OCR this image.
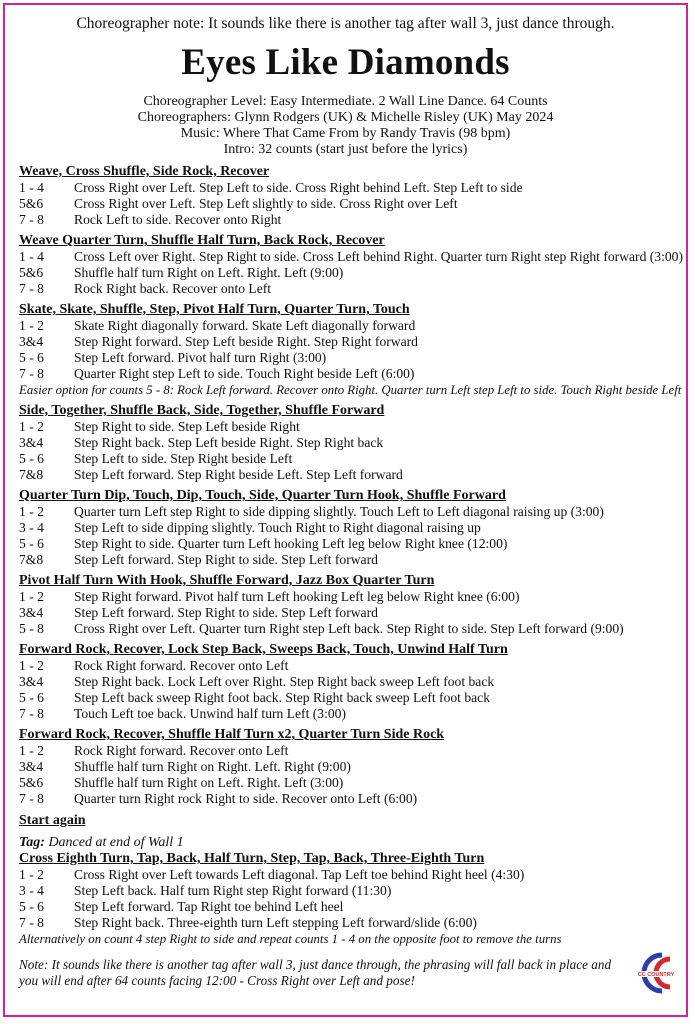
Choreographer note: It sounds like there is another tag after wall 3, just dance through.
Eyes Like Diamonds
Choreographer Level: Easy Intermediate. 2 Wall Line Dance. 64 Counts
Choreographers: Glynn Rodgers (UK) & Michelle Risley (UK) May 2024
Music: Where That Came From by Randy Travis (98 bpm)
Intro: 32 counts (start just before the lyrics)
Weave, Cross Shuffle, Side Rock, Recover
1 - 4	Cross Right over Left. Step Left to side. Cross Right behind Left. Step Left to side
5&6	Cross Right over Left. Step Left slightly to side. Cross Right over Left
7 - 8	Rock Left to side. Recover onto Right
Weave Quarter Turn, Shuffle Half Turn, Back Rock, Recover
1 - 4	Cross Left over Right. Step Right to side. Cross Left behind Right. Quarter turn Right step Right forward (3:00)
5&6	Shuffle half turn Right on Left. Right. Left (9:00)
7 - 8	Rock Right back. Recover onto Left
Skate, Skate, Shuffle, Step, Pivot Half Turn, Quarter Turn, Touch
1 - 2	Skate Right diagonally forward. Skate Left diagonally forward
3&4	Step Right forward. Step Left beside Right. Step Right forward
5 - 6	Step Left forward. Pivot half turn Right (3:00)
7 - 8	Quarter Right step Left to side. Touch Right beside Left (6:00)
Easier option for counts 5 - 8: Rock Left forward. Recover onto Right. Quarter turn Left step Left to side. Touch Right beside Left
Side, Together, Shuffle Back, Side, Together, Shuffle Forward
1 - 2	Step Right to side. Step Left beside Right
3&4	Step Right back. Step Left beside Right. Step Right back
5 - 6	Step Left to side. Step Right beside Left
7&8	Step Left forward. Step Right beside Left. Step Left forward
Quarter Turn Dip, Touch, Dip, Touch, Side, Quarter Turn Hook, Shuffle Forward
1 - 2	Quarter turn Left step Right to side dipping slightly. Touch Left to Left diagonal raising up (3:00)
3 - 4	Step Left to side dipping slightly. Touch Right to Right diagonal raising up
5 - 6	Step Right to side. Quarter turn Left hooking Left leg below Right knee (12:00)
7&8	Step Left forward. Step Right to side. Step Left forward
Pivot Half Turn With Hook, Shuffle Forward, Jazz Box Quarter Turn
1 - 2	Step Right forward. Pivot half turn Left hooking Left leg below Right knee (6:00)
3&4	Step Left forward. Step Right to side. Step Left forward
5 - 8	Cross Right over Left. Quarter turn Right step Left back. Step Right to side. Step Left forward (9:00)
Forward Rock, Recover, Lock Step Back, Sweeps Back, Touch, Unwind Half Turn
1 - 2	Rock Right forward. Recover onto Left
3&4	Step Right back. Lock Left over Right. Step Right back sweep Left foot back
5 - 6	Step Left back sweep Right foot back. Step Right back sweep Left foot back
7 - 8	Touch Left toe back. Unwind half turn Left (3:00)
Forward Rock, Recover, Shuffle Half Turn x2, Quarter Turn Side Rock
1 - 2	Rock Right forward. Recover onto Left
3&4	Shuffle half turn Right on Right. Left. Right (9:00)
5&6	Shuffle half turn Right on Left. Right. Left (3:00)
7 - 8	Quarter turn Right rock Right to side. Recover onto Left (6:00)
Start again
Tag: Danced at end of Wall 1
Cross Eighth Turn, Tap, Back, Half Turn, Step, Tap, Back, Three-Eighth Turn
1 - 2	Cross Right over Left towards Left diagonal. Tap Left toe behind Right heel (4:30)
3 - 4	Step Left back. Half turn Right step Right forward (11:30)
5 - 6	Step Left forward. Tap Right toe behind Left heel
7 - 8	Step Right back. Three-eighth turn Left stepping Left forward/slide (6:00)
Alternatively on count 4 step Right to side and repeat counts 1 - 4 on the opposite foot to remove the turns
Note: It sounds like there is another tag after wall 3, just dance through, the phrasing will fall back in place and you will end after 64 counts facing 12:00 - Cross Right over Left and pose!	CC COUNTRY
